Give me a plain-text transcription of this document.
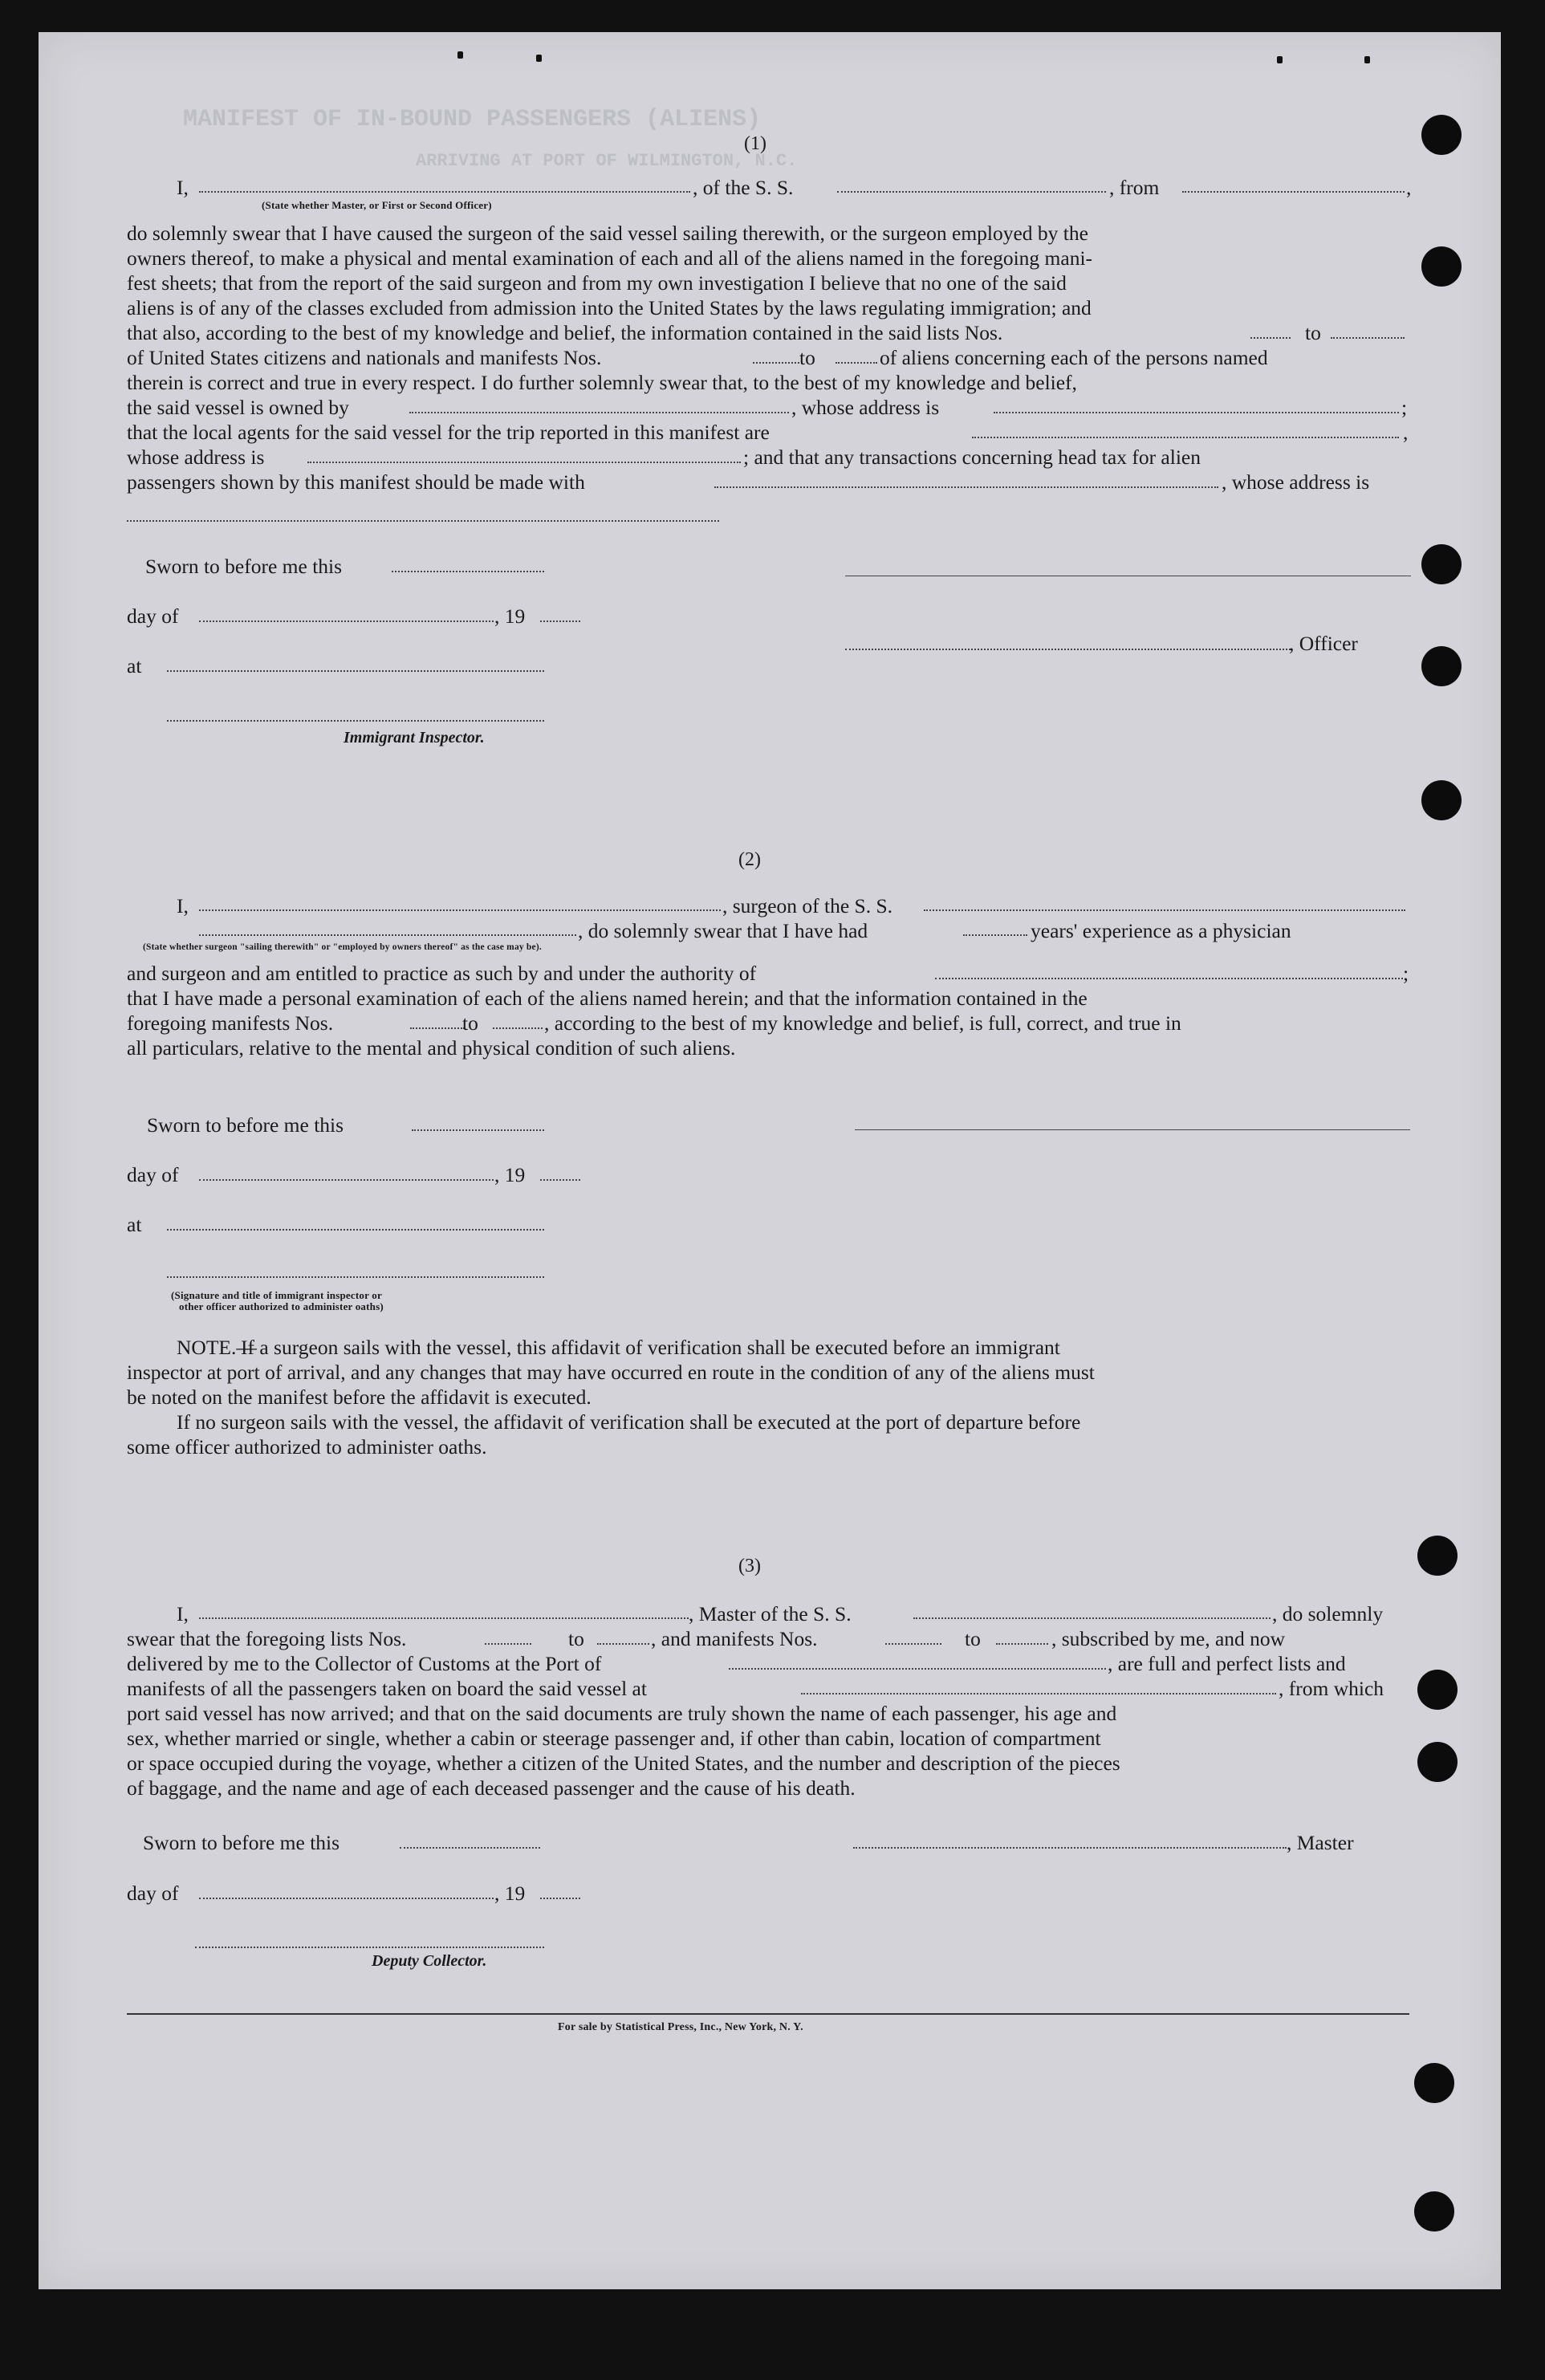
MANIFEST OF IN-BOUND PASSENGERS (ALIENS)
ARRIVING AT PORT OF WILMINGTON, N.C.
(1)
I,	, of the S. S.	, from	,
(State whether Master, or First or Second Officer)
do solemnly swear that I have caused the surgeon of the said vessel sailing therewith, or the surgeon employed by the
owners thereof, to make a physical and mental examination of each and all of the aliens named in the foregoing mani-
fest sheets; that from the report of the said surgeon and from my own investigation I believe that no one of the said
aliens is of any of the classes excluded from admission into the United States by the laws regulating immigration; and
that also, according to the best of my knowledge and belief, the information contained in the said lists Nos.	to
of United States citizens and nationals and manifests Nos.	to	of aliens concerning each of the persons named
therein is correct and true in every respect. I do further solemnly swear that, to the best of my knowledge and belief,
the said vessel is owned by	, whose address is	;
that the local agents for the said vessel for the trip reported in this manifest are	,
whose address is	; and that any transactions concerning head tax for alien
passengers shown by this manifest should be made with	, whose address is
Sworn to before me this
day of	, 19
at
Immigrant Inspector.
, Officer
(2)
I,	, surgeon of the S. S.
, do solemnly swear that I have had	years' experience as a physician
(State whether surgeon "sailing therewith" or "employed by owners thereof" as the case may be).
and surgeon and am entitled to practice as such by and under the authority of	;
that I have made a personal examination of each of the aliens named herein; and that the information contained in the
foregoing manifests Nos.	to	, according to the best of my knowledge and belief, is full, correct, and true in
all particulars, relative to the mental and physical condition of such aliens.
Sworn to before me this
day of	, 19
at
(Signature and title of immigrant inspector or
other officer authorized to administer oaths)
NOTE.—
If a surgeon sails with the vessel, this affidavit of verification shall be executed before an immigrant
inspector at port of arrival, and any changes that may have occurred en route in the condition of any of the aliens must
be noted on the manifest before the affidavit is executed.
If no surgeon sails with the vessel, the affidavit of verification shall be executed at the port of departure before
some officer authorized to administer oaths.
(3)
I,	, Master of the S. S.	, do solemnly
swear that the foregoing lists Nos.	to	, and manifests Nos.	to	, subscribed by me, and now
delivered by me to the Collector of Customs at the Port of	, are full and perfect lists and
manifests of all the passengers taken on board the said vessel at	, from which
port said vessel has now arrived; and that on the said documents are truly shown the name of each passenger, his age and
sex, whether married or single, whether a cabin or steerage passenger and, if other than cabin, location of compartment
or space occupied during the voyage, whether a citizen of the United States, and the number and description of the pieces
of baggage, and the name and age of each deceased passenger and the cause of his death.
Sworn to before me this	, Master
day of	, 19
Deputy Collector.
For sale by Statistical Press, Inc., New York, N. Y.
